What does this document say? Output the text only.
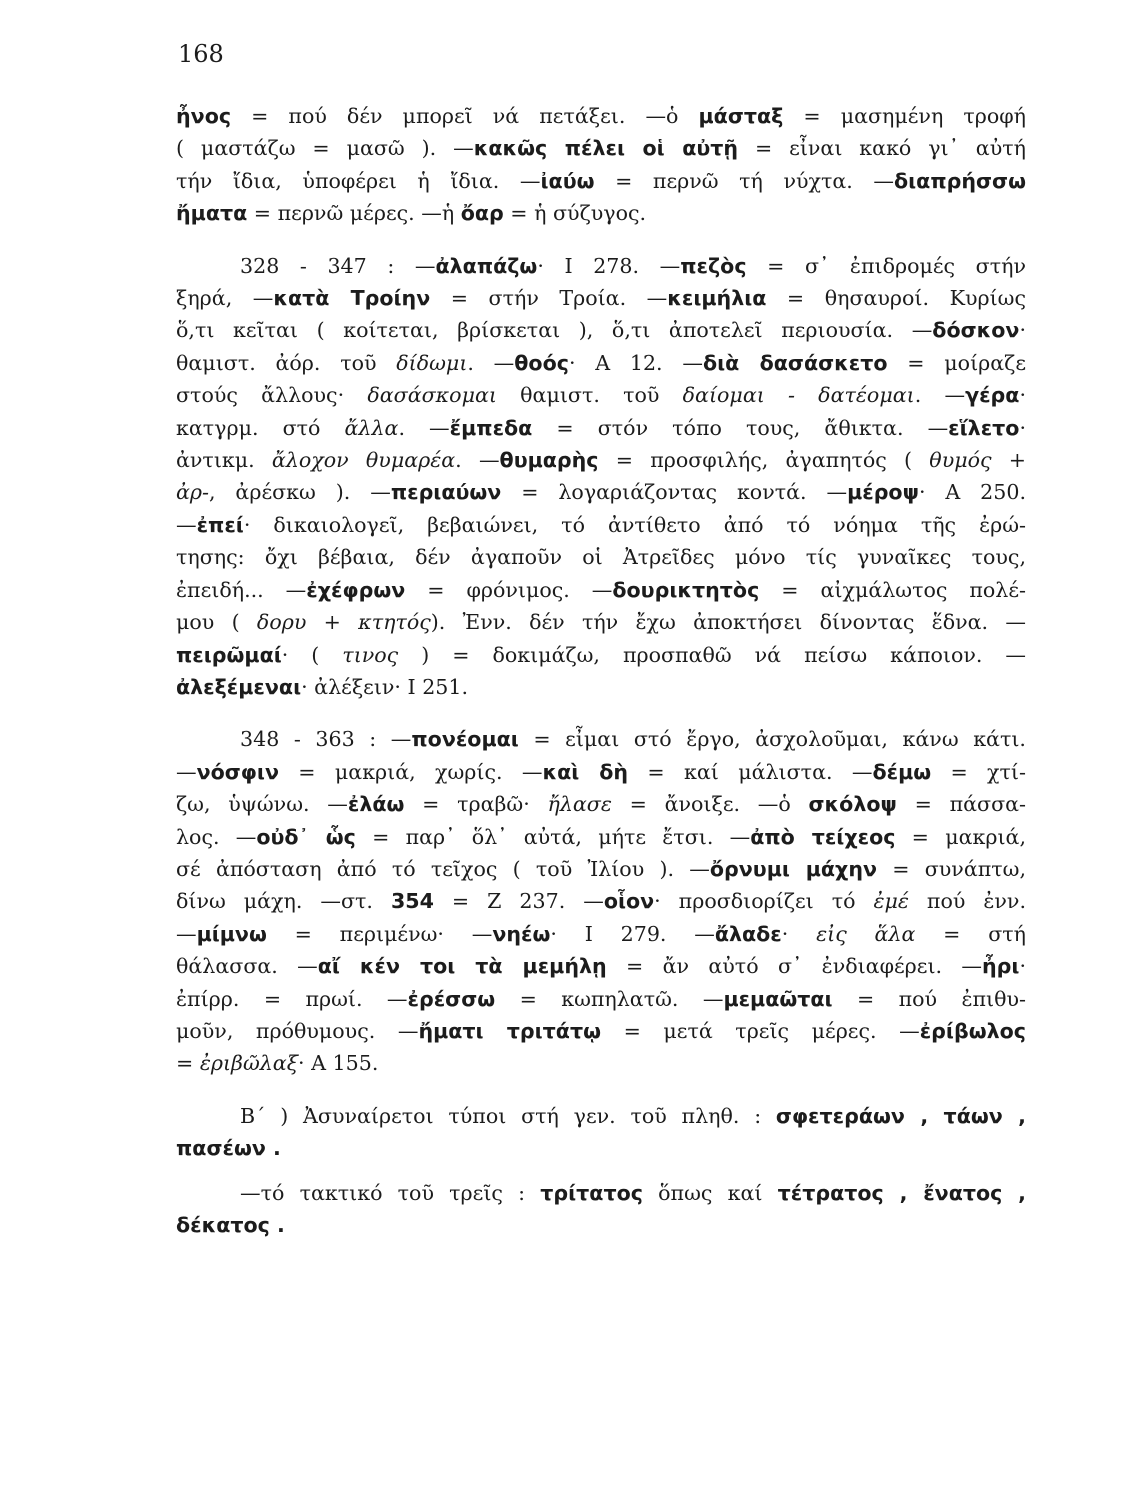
168
ἦνος = πού δέν μπορεῖ νά πετάξει. —ὁ μάσταξ = μασημένη τροφή
( μαστάζω = μασῶ ). —κακῶς πέλει οἱ αὐτῇ = εἶναι κακό γι᾽ αὐτή
τήν ἴδια, ὑποφέρει ἡ ἴδια. —ἰαύω = περνῶ τή νύχτα. —διαπρήσσω
ἤματα = περνῶ μέρες. —ἡ ὄαρ = ἡ σύζυγος.
328 - 347 : —ἀλαπάζω· Ι 278. —πεζὸς = σ᾽ ἐπιδρομές στήν
ξηρά, —κατὰ Τροίην = στήν Τροία. —κειμήλια = θησαυροί. Κυρίως
ὅ,τι κεῖται ( κοίτεται, βρίσκεται ), ὅ,τι ἀποτελεῖ περιουσία. —δόσκον·
θαμιστ. ἀόρ. τοῦ δίδωμι. —θοός· Α 12. —διὰ δασάσκετο = μοίραζε
στούς ἄλλους· δασάσκομαι θαμιστ. τοῦ δαίομαι - δατέομαι. —γέρα·
κατγρμ. στό ἄλλα. —ἔμπεδα = στόν τόπο τους, ἄθικτα. —εἵλετο·
ἀντικμ. ἄλοχον θυμαρέα. —θυμαρὴς = προσφιλής, ἀγαπητός ( θυμός +
ἀρ-, ἀρέσκω ). —περιαύων = λογαριάζοντας κοντά. —μέροψ· Α 250.
—ἐπεί· δικαιολογεῖ, βεβαιώνει, τό ἀντίθετο ἀπό τό νόημα τῆς ἐρώ-
τησης: ὄχι βέβαια, δέν ἀγαποῦν οἱ Ἀτρεῖδες μόνο τίς γυναῖκες τους,
ἐπειδή... —ἐχέφρων = φρόνιμος. —δουρικτητὸς = αἰχμάλωτος πολέ-
μου ( δορυ + κτητός). Ἐνν. δέν τήν ἔχω ἀποκτήσει δίνοντας ἕδνα. —
πειρῶμαί· ( τινος ) = δοκιμάζω, προσπαθῶ νά πείσω κάποιον. —
ἀλεξέμεναι· ἀλέξειν· Ι 251.
348 - 363 : —πονέομαι = εἶμαι στό ἔργο, ἀσχολοῦμαι, κάνω κάτι.
—νόσφιν = μακριά, χωρίς. —καὶ δὴ = καί μάλιστα. —δέμω = χτί-
ζω, ὑψώνω. —ἐλάω = τραβῶ· ἤλασε = ἄνοιξε. —ὁ σκόλοψ = πάσσα-
λος. —οὐδ᾽ ὧς = παρ᾽ ὅλ᾽ αὐτά, μήτε ἔτσι. —ἀπὸ τείχεος = μακριά,
σέ ἀπόσταση ἀπό τό τεῖχος ( τοῦ Ἰλίου ). —ὄρνυμι μάχην = συνάπτω,
δίνω μάχη. —στ. 354 = Ζ 237. —οἷον· προσδιορίζει τό ἐμέ πού ἐνν.
—μίμνω = περιμένω· —νηέω· Ι 279. —ἄλαδε· εἰς ἅλα = στή
θάλασσα. —αἴ κέν τοι τὰ μεμήλῃ = ἄν αὐτό σ᾽ ἐνδιαφέρει. —ἦρι·
ἐπίρρ. = πρωί. —ἐρέσσω = κωπηλατῶ. —μεμαῶται = πού ἐπιθυ-
μοῦν, πρόθυμους. —ἤματι τριτάτῳ = μετά τρεῖς μέρες. —ἐρίβωλος
= ἐριβῶλαξ· Α 155.
Β΄ ) Ἀσυναίρετοι τύποι στή γεν. τοῦ πληθ. : σφετεράων , τάων ,
πασέων .
—τό τακτικό τοῦ τρεῖς : τρίτατος ὅπως καί τέτρατος , ἔνατος ,
δέκατος .
